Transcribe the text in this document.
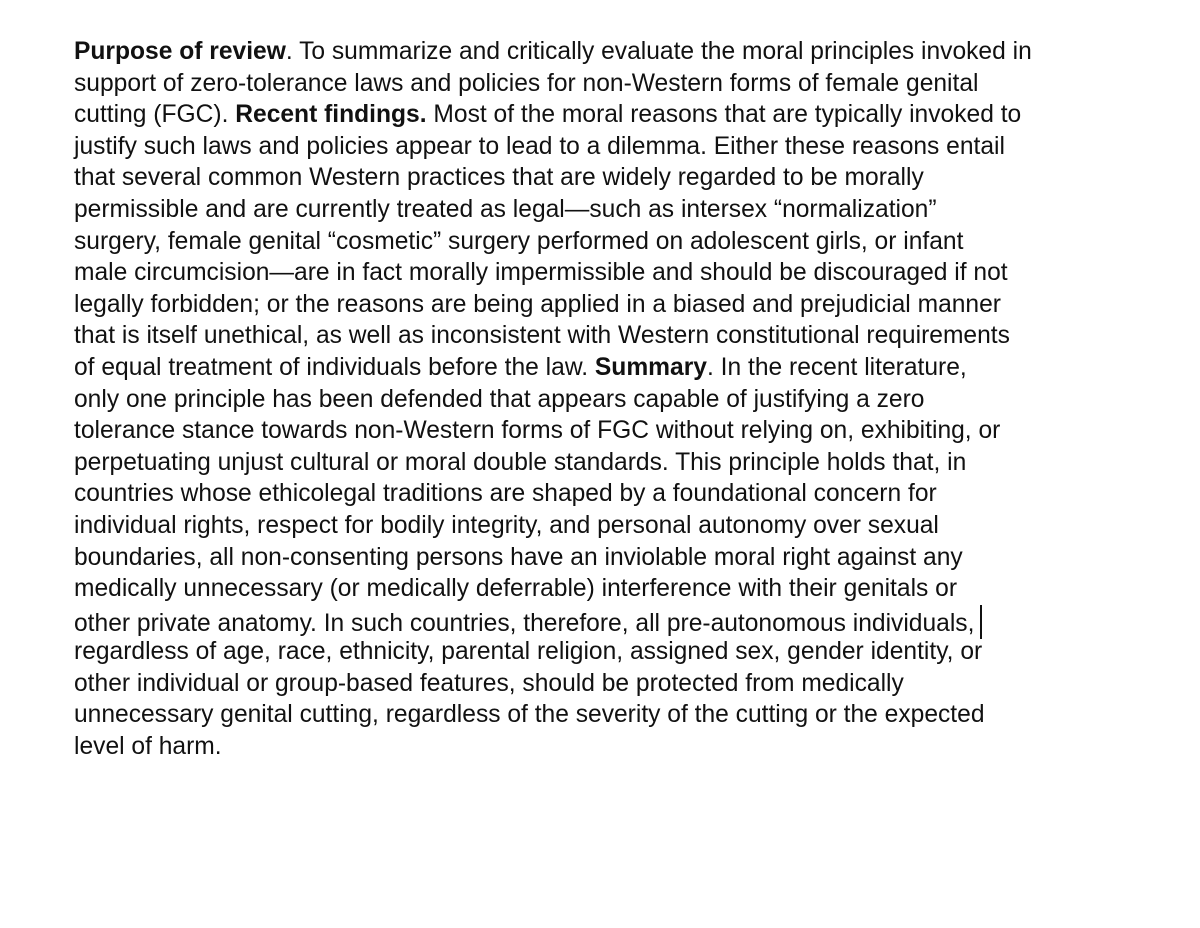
Purpose of review. To summarize and critically evaluate the moral principles invoked in
support of zero-tolerance laws and policies for non-Western forms of female genital
cutting (FGC). Recent findings. Most of the moral reasons that are typically invoked to
justify such laws and policies appear to lead to a dilemma. Either these reasons entail
that several common Western practices that are widely regarded to be morally
permissible and are currently treated as legal—such as intersex “normalization”
surgery, female genital “cosmetic” surgery performed on adolescent girls, or infant
male circumcision—are in fact morally impermissible and should be discouraged if not
legally forbidden; or the reasons are being applied in a biased and prejudicial manner
that is itself unethical, as well as inconsistent with Western constitutional requirements
of equal treatment of individuals before the law. Summary. In the recent literature,
only one principle has been defended that appears capable of justifying a zero
tolerance stance towards non-Western forms of FGC without relying on, exhibiting, or
perpetuating unjust cultural or moral double standards. This principle holds that, in
countries whose ethicolegal traditions are shaped by a foundational concern for
individual rights, respect for bodily integrity, and personal autonomy over sexual
boundaries, all non-consenting persons have an inviolable moral right against any
medically unnecessary (or medically deferrable) interference with their genitals or
other private anatomy. In such countries, therefore, all pre-autonomous individuals,
regardless of age, race, ethnicity, parental religion, assigned sex, gender identity, or
other individual or group-based features, should be protected from medically
unnecessary genital cutting, regardless of the severity of the cutting or the expected
level of harm.
